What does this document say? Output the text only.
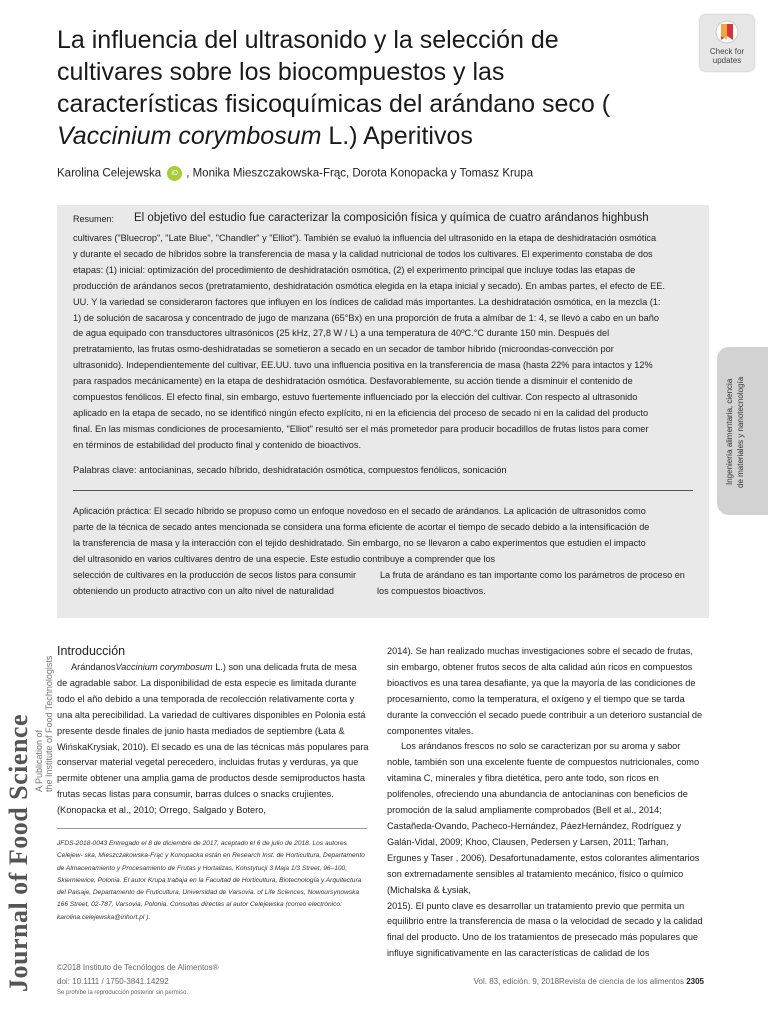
La influencia del ultrasonido y la selección de
cultivares sobre los biocompuestos y las
características fisicoquímicas del arándano seco (
Vaccinium corymbosum L.) Aperitivos
Check for
updates
Karolina Celejewska iD , Monika Mieszczakowska-Frąc, Dorota Konopacka y Tomasz Krupa
Resumen: El objetivo del estudio fue caracterizar la composición física y química de cuatro arándanos highbush
cultivares ("Bluecrop", "Late Blue", "Chandler" y "Elliot"). También se evaluó la influencia del ultrasonido en la etapa de deshidratación osmótica
y durante el secado de híbridos sobre la transferencia de masa y la calidad nutricional de todos los cultivares. El experimento constaba de dos
etapas: (1) inicial: optimización del procedimiento de deshidratación osmótica, (2) el experimento principal que incluye todas las etapas de
producción de arándanos secos (pretratamiento, deshidratación osmótica elegida en la etapa inicial y secado). En ambas partes, el efecto de EE.
UU. Y la variedad se consideraron factores que influyen en los índices de calidad más importantes. La deshidratación osmótica, en la mezcla (1:
1) de solución de sacarosa y concentrado de jugo de manzana (65°Bx) en una proporción de fruta a almíbar de 1: 4, se llevó a cabo en un baño
de agua equipado con transductores ultrasónicos (25 kHz, 27,8 W / L) a una temperatura de 40ºC.°C durante 150 min. Después del
pretratamiento, las frutas osmo-deshidratadas se sometieron a secado en un secador de tambor híbrido (microondas-convección por
ultrasonido). Independientemente del cultivar, EE.UU. tuvo una influencia positiva en la transferencia de masa (hasta 22% para intactos y 12%
para raspados mecánicamente) en la etapa de deshidratación osmótica. Desfavorablemente, su acción tiende a disminuir el contenido de
compuestos fenólicos. El efecto final, sin embargo, estuvo fuertemente influenciado por la elección del cultivar. Con respecto al ultrasonido
aplicado en la etapa de secado, no se identificó ningún efecto explícito, ni en la eficiencia del proceso de secado ni en la calidad del producto
final. En las mismas condiciones de procesamiento, "Elliot" resultó ser el más prometedor para producir bocadillos de frutas listos para comer
en términos de estabilidad del producto final y contenido de bioactivos.
Palabras clave: antocianinas, secado híbrido, deshidratación osmótica, compuestos fenólicos, sonicación
Aplicación práctica: El secado híbrido se propuso como un enfoque novedoso en el secado de arándanos. La aplicación de ultrasonidos como
parte de la técnica de secado antes mencionada se considera una forma eficiente de acortar el tiempo de secado debido a la intensificación de
la transferencia de masa y la interacción con el tejido deshidratado. Sin embargo, no se llevaron a cabo experimentos que estudien el impacto
del ultrasonido en varios cultivares dentro de una especie. Este estudio contribuye a comprender que los
selección de cultivares en la producción de secos listos para consumir	La fruta de arándano es tan importante como los parámetros de proceso en
obteniendo un producto atractivo con un alto nivel de naturalidad	los compuestos bioactivos.
Ingeniería alimentaria, ciencia de materiales y nanotecnología
Journal of Food Science A Publication of the Institute of Food Technologists
Introducción

ArándanosVaccinium corymbosum L.) son una delicada fruta de mesa de agradable sabor. La disponibilidad de esta especie es limitada durante todo el año debido a una temporada de recolección relativamente corta y una alta perecibilidad. La variedad de cultivares disponibles en Polonia está presente desde finales de junio hasta mediados de septiembre (Łata & WińskaKrysiak, 2010). El secado es una de las técnicas más populares para conservar material vegetal perecedero, incluidas frutas y verduras, ya que permite obtener una amplia gama de productos desde semiproductos hasta frutas secas listas para consumir, barras dulces o snacks crujientes. (Konopacka et al., 2010; Orrego, Salgado y Botero,

JFDS-2018-0043 Entregado el 8 de diciembre de 2017, aceptado el 6 de julio de 2018. Los autores Celejew- ska, Mieszczakowska-Frąc y Konopacka están en Research Inst. de Horticultura, Departamento de Almacenamiento y Procesamiento de Frutas y Hortalizas, Konstytucji 3 Maja 1/3 Street, 96–100, Skierniewice, Polonia. El autor Krupa trabaja en la Facultad de Horticultura, Biotecnología y Arquitectura del Paisaje, Departamento de Fruticultura, Universidad de Varsovia. of Life Sciences, Nowoursynowska 166 Street, 02-787, Varsovia, Polonia. Consultas directas al autor Celejewska (correo electrónico: karolina.celejewska@inhort.pl ).

2014). Se han realizado muchas investigaciones sobre el secado de frutas, sin embargo, obtener frutos secos de alta calidad aún ricos en compuestos bioactivos es una tarea desafiante, ya que la mayoría de las condiciones de procesamiento, como la temperatura, el oxígeno y el tiempo que se tarda durante la convección el secado puede contribuir a un deterioro sustancial de componentes vitales.

Los arándanos frescos no solo se caracterizan por su aroma y sabor noble, también son una excelente fuente de compuestos nutricionales, como vitamina C, minerales y fibra dietética, pero ante todo, son ricos en polifenoles, ofreciendo una abundancia de antocianinas con beneficios de promoción de la salud ampliamente comprobados (Bell et al., 2014; Castañeda-Ovando, Pacheco-Hernández, PáezHernández, Rodríguez y Galán-Vidal, 2009; Khoo, Clausen, Pedersen y Larsen, 2011; Tarhan, Ergunes y Taser , 2006). Desafortunadamente, estos colorantes alimentarios son extremadamente sensibles al tratamiento mecánico, físico o químico (Michalska & Łysiak,

2015). El punto clave es desarrollar un tratamiento previo que permita un equilibrio entre la transferencia de masa o la velocidad de secado y la calidad final del producto. Uno de los tratamientos de presecado más populares que influye significativamente en las características de calidad de los

©2018 Instituto de Tecnólogos de Alimentos®
doi: 10.1111 / 1750-3841.14292
Se prohíbe la reproducción posterior sin permiso.
Vol. 83, edición. 9, 2018Revista de ciencia de los alimentos 2305
